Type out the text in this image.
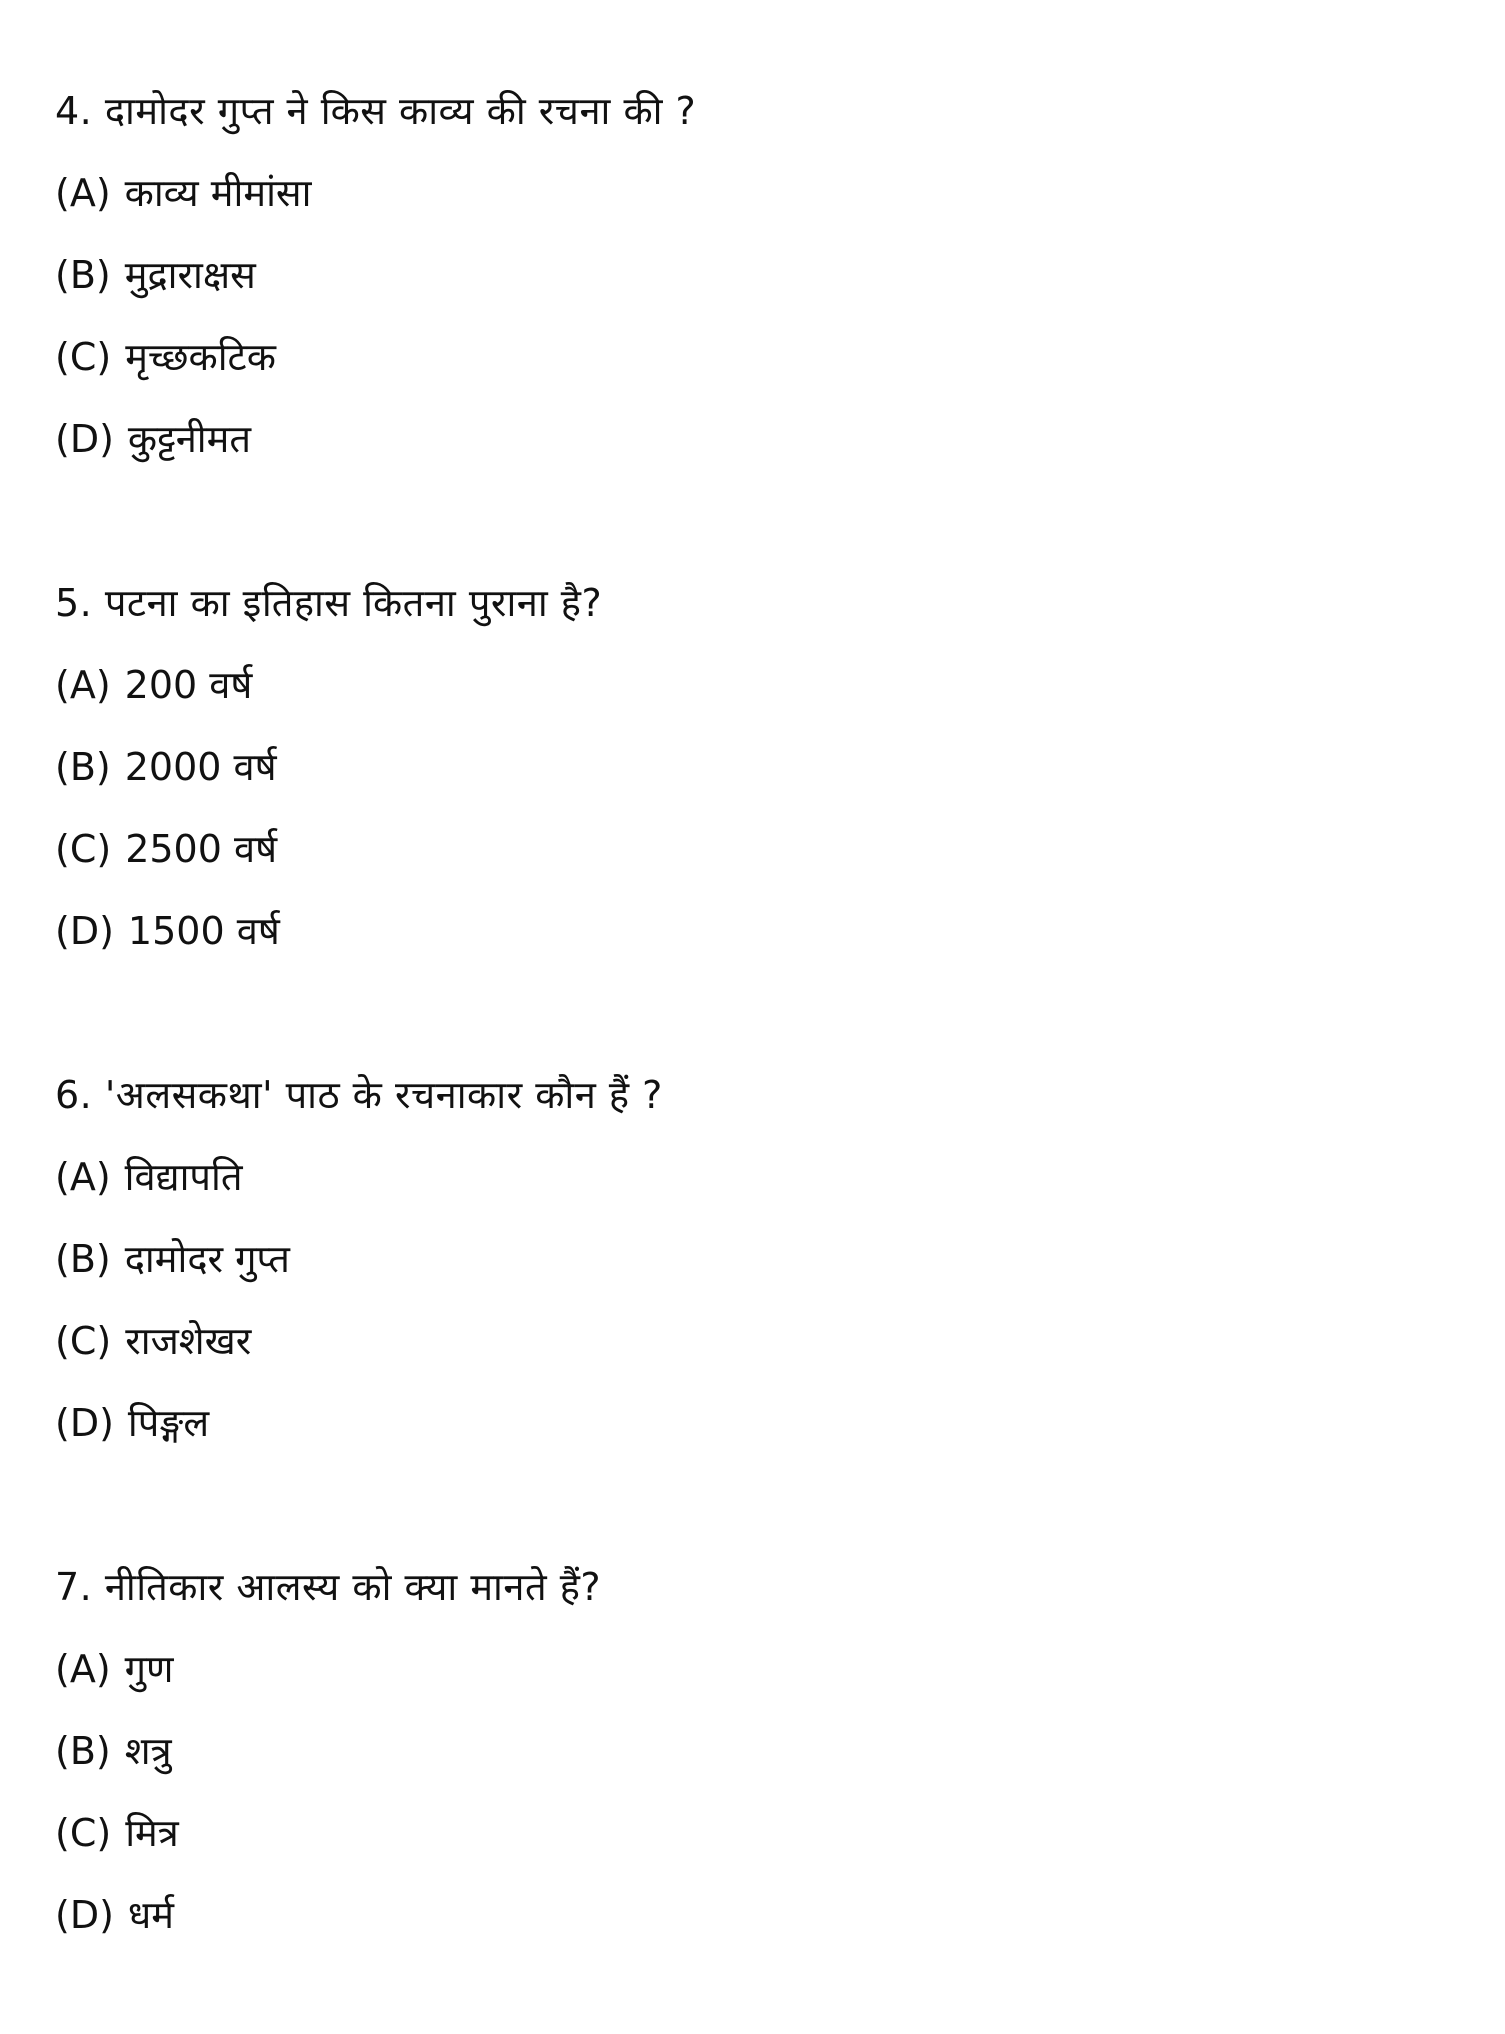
4. दामोदर गुप्त ने किस काव्य की रचना की ?
(A) काव्य मीमांसा
(B) मुद्राराक्षस
(C) मृच्छकटिक
(D) कुट्टनीमत
5. पटना का इतिहास कितना पुराना है?
(A) 200 वर्ष
(B) 2000 वर्ष
(C) 2500 वर्ष
(D) 1500 वर्ष
6. 'अलसकथा' पाठ के रचनाकार कौन हैं ?
(A) विद्यापति
(B) दामोदर गुप्त
(C) राजशेखर
(D) पिङ्गल
7. नीतिकार आलस्य को क्या मानते हैं?
(A) गुण
(B) शत्रु
(C) मित्र
(D) धर्म
